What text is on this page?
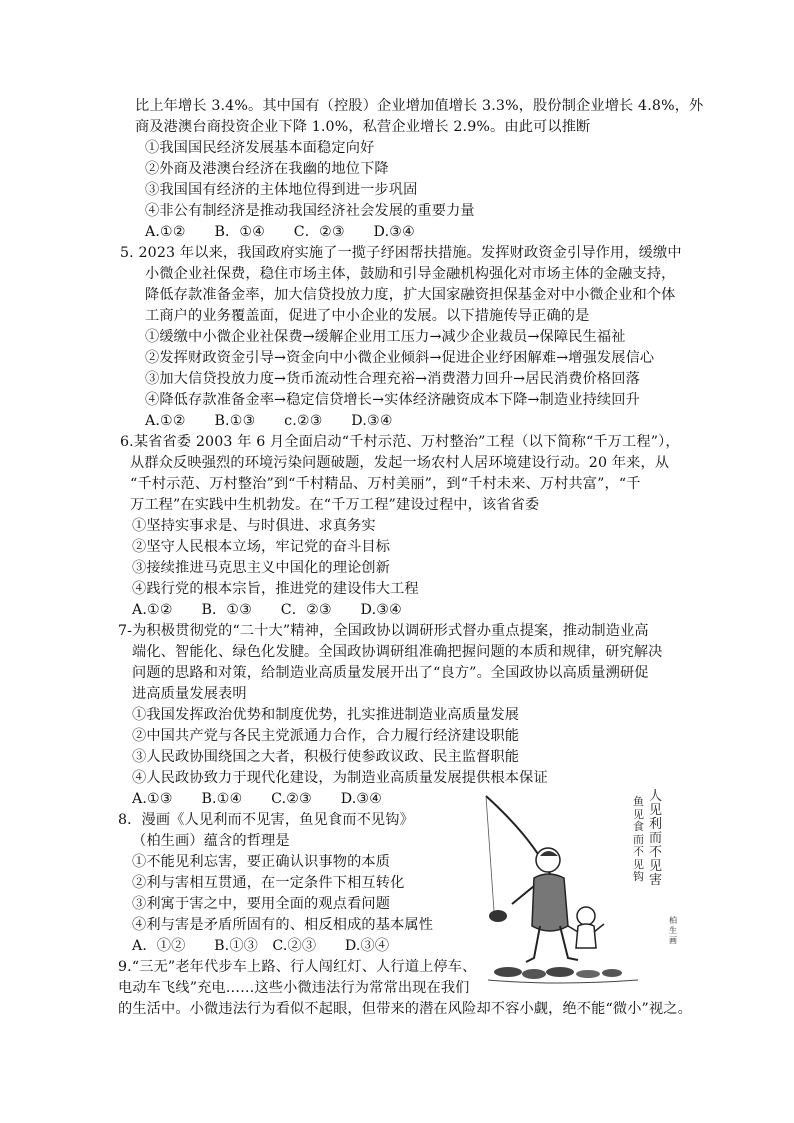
比上年增长 3.4%。其中国有（控股）企业增加值增长 3.3%，股份制企业增长 4.8%，外
商及港澳台商投资企业下降 1.0%，私营企业增长 2.9%。由此可以推断
①我国国民经济发展基本面稳定向好
②外商及港澳台经济在我幽的地位下降
③我国国有经济的主体地位得到进一步巩固
④非公有制经济是推动我国经济社会发展的重要力量
A.①②　　B．①④　　C．②③　　D.③④
5. 2023 年以来，我国政府实施了一揽子纾困帮扶措施。发挥财政资金引导作用，缓缴中
小微企业社保费，稳住市场主体，鼓励和引导金融机构强化对市场主体的金融支持，
降低存款准备金率，加大信贷投放力度，扩大国家融资担保基金对中小微企业和个体
工商户的业务覆盖面，促进了中小企业的发展。以下措施传导正确的是
①缓缴中小微企业社保费→缓解企业用工压力→减少企业裁员→保障民生福祉
②发挥财政资金引导→资金向中小微企业倾斜→促进企业纾困解难→增强发展信心
③加大信贷投放力度→货币流动性合理充裕→消费潜力回升→居民消费价格回落
④降低存款准备金率→稳定信贷增长→实体经济融资成本下降→制造业持续回升
A.①②　　B.①③　　c.②③　　D.③④
6.某省省委 2003 年 6 月全面启动“千村示范、万村整治”工程（以下简称“千万工程”），
从群众反映强烈的环境污染问题破题，发起一场农村人居环境建设行动。20 年来，从
“千村示范、万村整治”到“千村精品、万村美丽”，到“千村未来、万村共富”，“千
万工程”在实践中生机勃发。在“千万工程”建设过程中，该省省委
①坚持实事求是、与时俱进、求真务实
②坚守人民根本立场，牢记党的奋斗目标
③接续推进马克思主义中国化的理论创新
④践行党的根本宗旨，推进党的建设伟大工程
A.①②　　B．①③　　C．②③　　D.③④
7-为积极贯彻党的“二十大”精神，全国政协以调研形式督办重点提案，推动制造业高
端化、智能化、绿色化发腱。全国政协调研组准确把握问题的本质和规律，研究解决
问题的思路和对策，给制造业高质量发展开出了“良方”。全国政协以高质量溯研促
进高质量发展表明
①我国发挥政治优势和制度优势，扎实推进制造业高质量发展
②中国共产党与各民主党派通力合作，合力履行经济建设职能
③人民政协围绕国之大者，积极行使参政议政、民主监督职能
④人民政协致力于现代化建设，为制造业高质量发展提供根本保证
A.①③　　B.①④　　C.②③　　D.③④
8．漫画《人见利而不见害，鱼见食而不见钩》
（柏生画）蕴含的哲理是
①不能见利忘害，要正确认识事物的本质
②利与害相互贯通，在一定条件下相互转化
③利寓于害之中，要用全面的观点看问题
④利与害是矛盾所固有的、相反相成的基本属性
A．①②　　B.①③　C.②③　　D.③④
9.“三无”老年代步车上路、行人闯红灯、人行道上停车、
电动车飞线”充电……这些小微违法行为常常出现在我们
的生活中。小微违法行为看似不起眼，但带来的潜在风险却不容小觑，绝不能“微小”视之。
人见利而不见害
鱼见食而不见钩
柏生画
